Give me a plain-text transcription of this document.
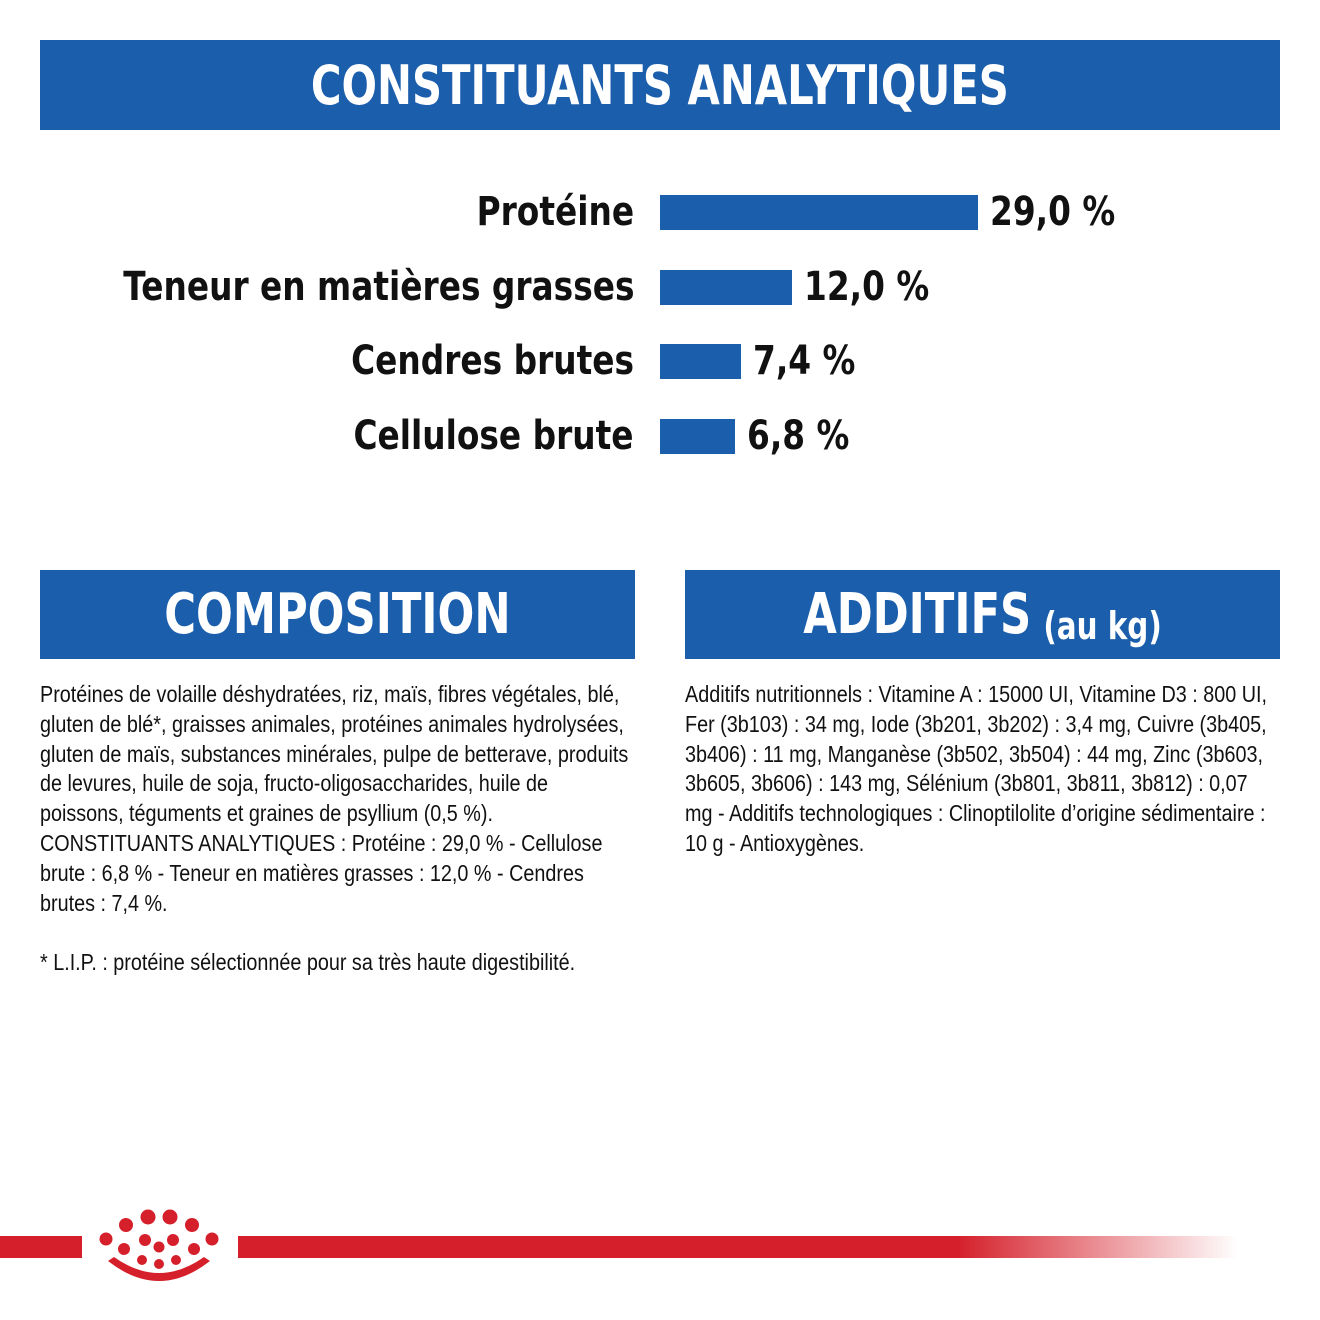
CONSTITUANTS ANALYTIQUES
Protéine	29,0 %
Teneur en matières grasses	12,0 %
Cendres brutes	7,4 %
Cellulose brute	6,8 %
COMPOSITION	ADDITIFS (au kg)
Protéines de volaille déshydratées, riz, maïs, fibres végétales, blé, gluten de blé*, graisses animales, protéines animales hydrolysées, gluten de maïs, substances minérales, pulpe de betterave, produits de levures, huile de soja, fructo-oligosaccharides, huile de poissons, téguments et graines de psyllium (0,5 %).
CONSTITUANTS ANALYTIQUES : Protéine : 29,0 % - Cellulose brute : 6,8 % - Teneur en matières grasses : 12,0 % - Cendres brutes : 7,4 %.

* L.I.P. : protéine sélectionnée pour sa très haute digestibilité.
Additifs nutritionnels : Vitamine A : 15000 UI, Vitamine D3 : 800 UI, Fer (3b103) : 34 mg, Iode (3b201, 3b202) : 3,4 mg, Cuivre (3b405, 3b406) : 11 mg, Manganèse (3b502, 3b504) : 44 mg, Zinc (3b603, 3b605, 3b606) : 143 mg, Sélénium (3b801, 3b811, 3b812) : 0,07 mg - Additifs technologiques : Clinoptilolite d’origine sédimentaire : 10 g - Antioxygènes.
